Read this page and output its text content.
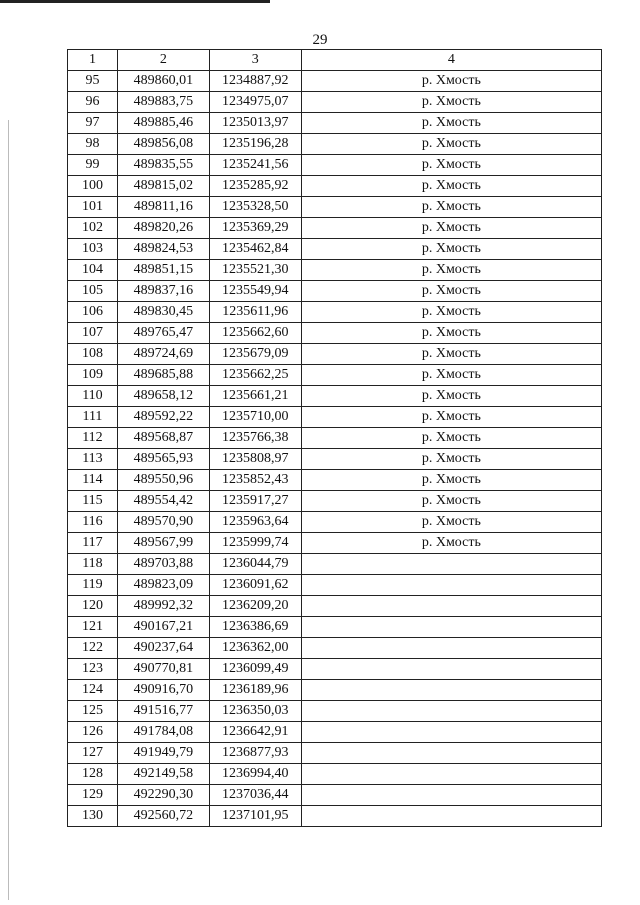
29
1	2	3	4
95	489860,01	1234887,92	р. Хмость
96	489883,75	1234975,07	р. Хмость
97	489885,46	1235013,97	р. Хмость
98	489856,08	1235196,28	р. Хмость
99	489835,55	1235241,56	р. Хмость
100	489815,02	1235285,92	р. Хмость
101	489811,16	1235328,50	р. Хмость
102	489820,26	1235369,29	р. Хмость
103	489824,53	1235462,84	р. Хмость
104	489851,15	1235521,30	р. Хмость
105	489837,16	1235549,94	р. Хмость
106	489830,45	1235611,96	р. Хмость
107	489765,47	1235662,60	р. Хмость
108	489724,69	1235679,09	р. Хмость
109	489685,88	1235662,25	р. Хмость
110	489658,12	1235661,21	р. Хмость
111	489592,22	1235710,00	р. Хмость
112	489568,87	1235766,38	р. Хмость
113	489565,93	1235808,97	р. Хмость
114	489550,96	1235852,43	р. Хмость
115	489554,42	1235917,27	р. Хмость
116	489570,90	1235963,64	р. Хмость
117	489567,99	1235999,74	р. Хмость
118	489703,88	1236044,79	
119	489823,09	1236091,62	
120	489992,32	1236209,20	
121	490167,21	1236386,69	
122	490237,64	1236362,00	
123	490770,81	1236099,49	
124	490916,70	1236189,96	
125	491516,77	1236350,03	
126	491784,08	1236642,91	
127	491949,79	1236877,93	
128	492149,58	1236994,40	
129	492290,30	1237036,44	
130	492560,72	1237101,95	
